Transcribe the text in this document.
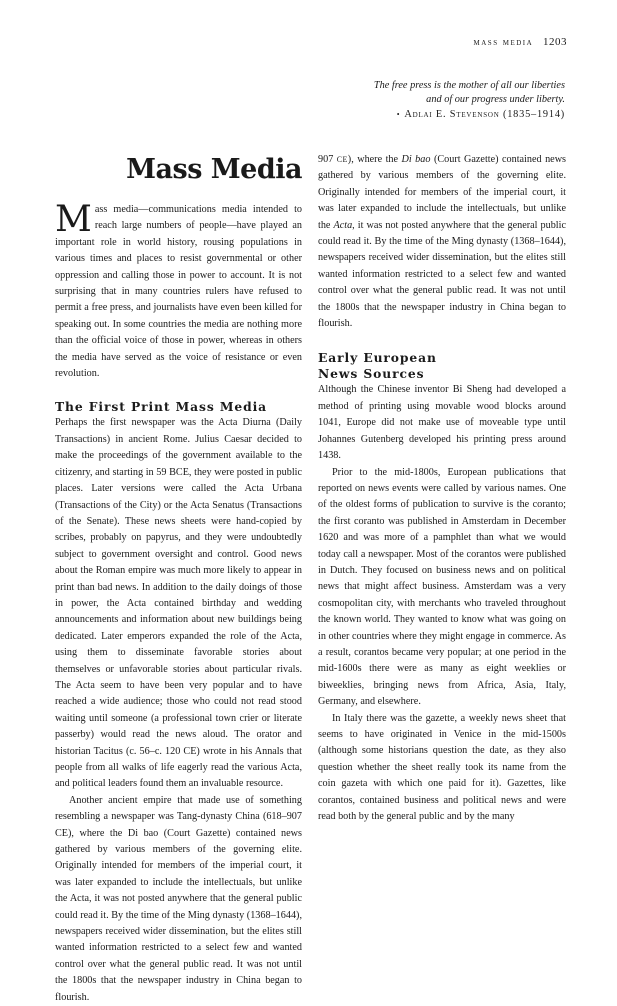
mass media 1203
The free press is the mother of all our liberties
and of our progress under liberty.
• Adlai E. Stevenson (1835–1914)
Mass Media

Mass media—communications media intended to reach large numbers of people—have played an important role in world history, rousing populations in various times and places to resist governmental or other oppression and calling those in power to account. It is not surprising that in many countries rulers have refused to permit a free press, and journalists have even been killed for speaking out. In some countries the media are nothing more than the official voice of those in power, whereas in others the media have served as the voice of resistance or even revolution.

The First Print Mass Media

Perhaps the first newspaper was the Acta Diurna (Daily Transactions) in ancient Rome. Julius Caesar decided to make the proceedings of the government available to the citizenry, and starting in 59 BCE, they were posted in public places. Later versions were called the Acta Urbana (Transactions of the City) or the Acta Senatus (Transactions of the Senate). These news sheets were hand-copied by scribes, probably on papyrus, and they were undoubtedly subject to government oversight and control. Good news about the Roman empire was much more likely to appear in print than bad news. In addition to the daily doings of those in power, the Acta contained birthday and wedding announcements and information about new buildings being dedicated. Later emperors expanded the role of the Acta, using them to disseminate favorable stories about themselves or unfavorable stories about particular rivals. The Acta seem to have been very popular and to have reached a wide audience; those who could not read stood waiting until someone (a professional town crier or literate passerby) would read the news aloud. The orator and historian Tacitus (c. 56–c. 120 CE) wrote in his Annals that people from all walks of life eagerly read the various Acta, and political leaders found them an invaluable resource.

Another ancient empire that made use of something resembling a newspaper was Tang-dynasty China (618–907 CE), where the Di bao (Court Gazette) contained news gathered by various members of the governing elite. Originally intended for members of the imperial court, it was later expanded to include the intellectuals, but unlike the Acta, it was not posted anywhere that the general public could read it. By the time of the Ming dynasty (1368–1644), newspapers received wider dissemination, but the elites still wanted information restricted to a select few and wanted control over what the general public read. It was not until the 1800s that the newspaper industry in China began to flourish.

907 CE), where the Di bao (Court Gazette) contained news gathered by various members of the governing elite. Originally intended for members of the imperial court, it was later expanded to include the intellectuals, but unlike the Acta, it was not posted anywhere that the general public could read it. By the time of the Ming dynasty (1368–1644), newspapers received wider dissemination, but the elites still wanted information restricted to a select few and wanted control over what the general public read. It was not until the 1800s that the newspaper industry in China began to flourish.

Early European
News Sources

Although the Chinese inventor Bi Sheng had developed a method of printing using movable wood blocks around 1041, Europe did not make use of moveable type until Johannes Gutenberg developed his printing press around 1438.

Prior to the mid-1800s, European publications that reported on news events were called by various names. One of the oldest forms of publication to survive is the coranto; the first coranto was published in Amsterdam in December 1620 and was more of a pamphlet than what we would today call a newspaper. Most of the corantos were published in Dutch. They focused on business news and on political news that might affect business. Amsterdam was a very cosmopolitan city, with merchants who traveled throughout the known world. They wanted to know what was going on in other countries where they might engage in commerce. As a result, corantos became very popular; at one period in the mid-1600s there were as many as eight weeklies or biweeklies, bringing news from Africa, Asia, Italy, Germany, and elsewhere.

In Italy there was the gazette, a weekly news sheet that seems to have originated in Venice in the mid-1500s (although some historians question the date, as they also question whether the sheet really took its name from the coin gazeta with which one paid for it). Gazettes, like corantos, contained business and political news and were read both by the general public and by the many
